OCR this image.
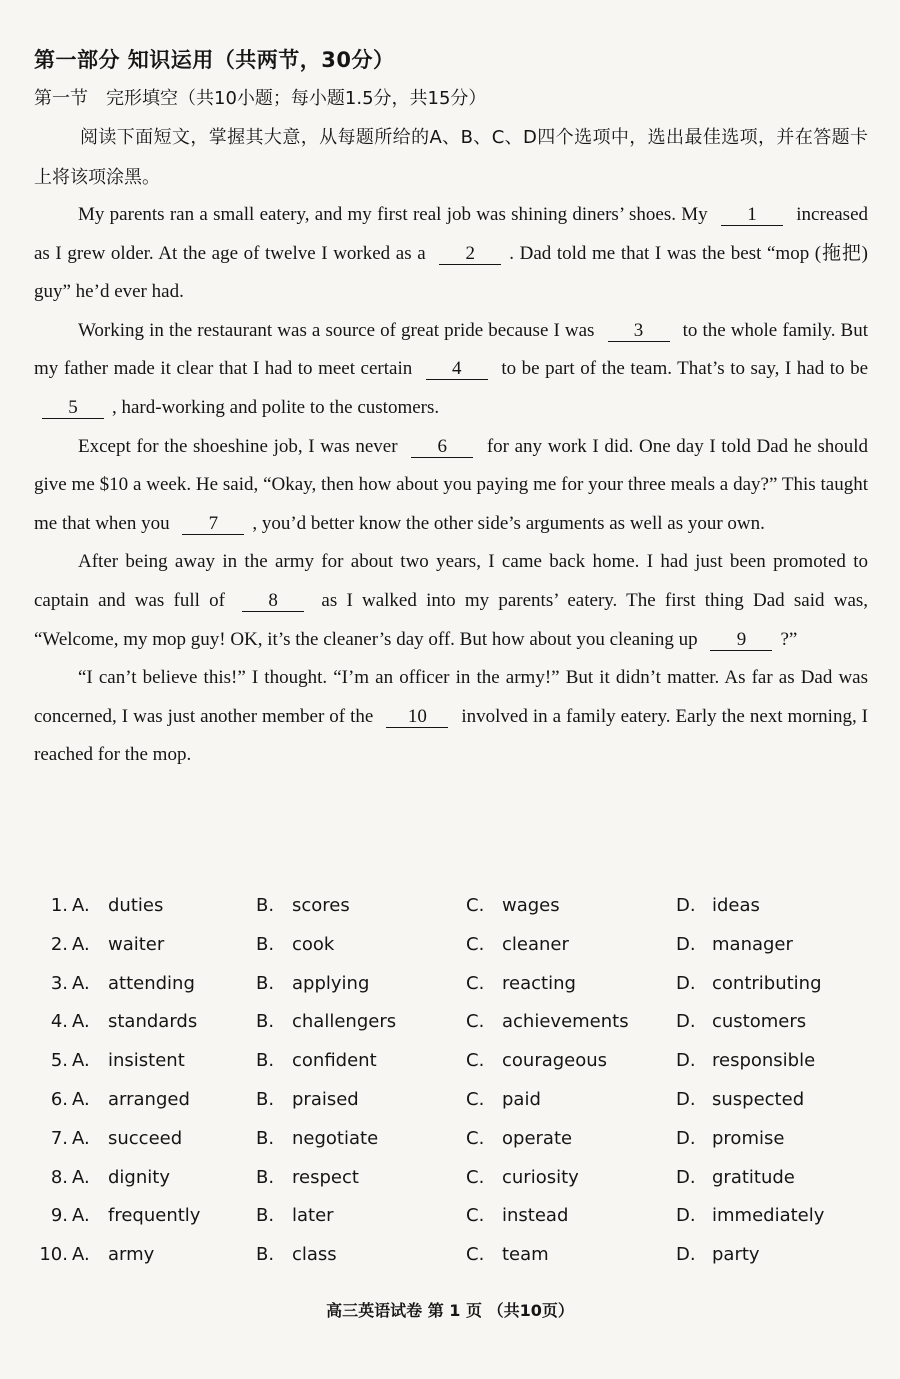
第一部分 知识运用（共两节，30分）
第一节 完形填空（共10小题；每小题1.5分，共15分）
阅读下面短文，掌握其大意，从每题所给的A、B、C、D四个选项中，选出最佳选项，并在答题卡上将该项涂黑。

My parents ran a small eatery, and my first real job was shining diners’ shoes. My 1 increased as I grew older. At the age of twelve I worked as a 2 . Dad told me that I was the best “mop (拖把) guy” he’d ever had.

Working in the restaurant was a source of great pride because I was 3 to the whole family. But my father made it clear that I had to meet certain 4 to be part of the team. That’s to say, I had to be 5 , hard-working and polite to the customers.

Except for the shoeshine job, I was never 6 for any work I did. One day I told Dad he should give me $10 a week. He said, “Okay, then how about you paying me for your three meals a day?” This taught me that when you 7 , you’d better know the other side’s arguments as well as your own.

After being away in the army for about two years, I came back home. I had just been promoted to captain and was full of 8 as I walked into my parents’ eatery. The first thing Dad said was, “Welcome, my mop guy! OK, it’s the cleaner’s day off. But how about you cleaning up 9 ?”

“I can’t believe this!” I thought. “I’m an officer in the army!” But it didn’t matter. As far as Dad was concerned, I was just another member of the 10 involved in a family eatery. Early the next morning, I reached for the mop.

1. A. duties	B. scores	C. wages	D. ideas
2. A. waiter	B. cook	C. cleaner	D. manager
3. A. attending	B. applying	C. reacting	D. contributing
4. A. standards	B. challengers	C. achievements	D. customers
5. A. insistent	B. confident	C. courageous	D. responsible
6. A. arranged	B. praised	C. paid	D. suspected
7. A. succeed	B. negotiate	C. operate	D. promise
8. A. dignity	B. respect	C. curiosity	D. gratitude
9. A. frequently	B. later	C. instead	D. immediately
10. A. army	B. class	C. team	D. party
高三英语试卷 第 1 页 （共10页）
